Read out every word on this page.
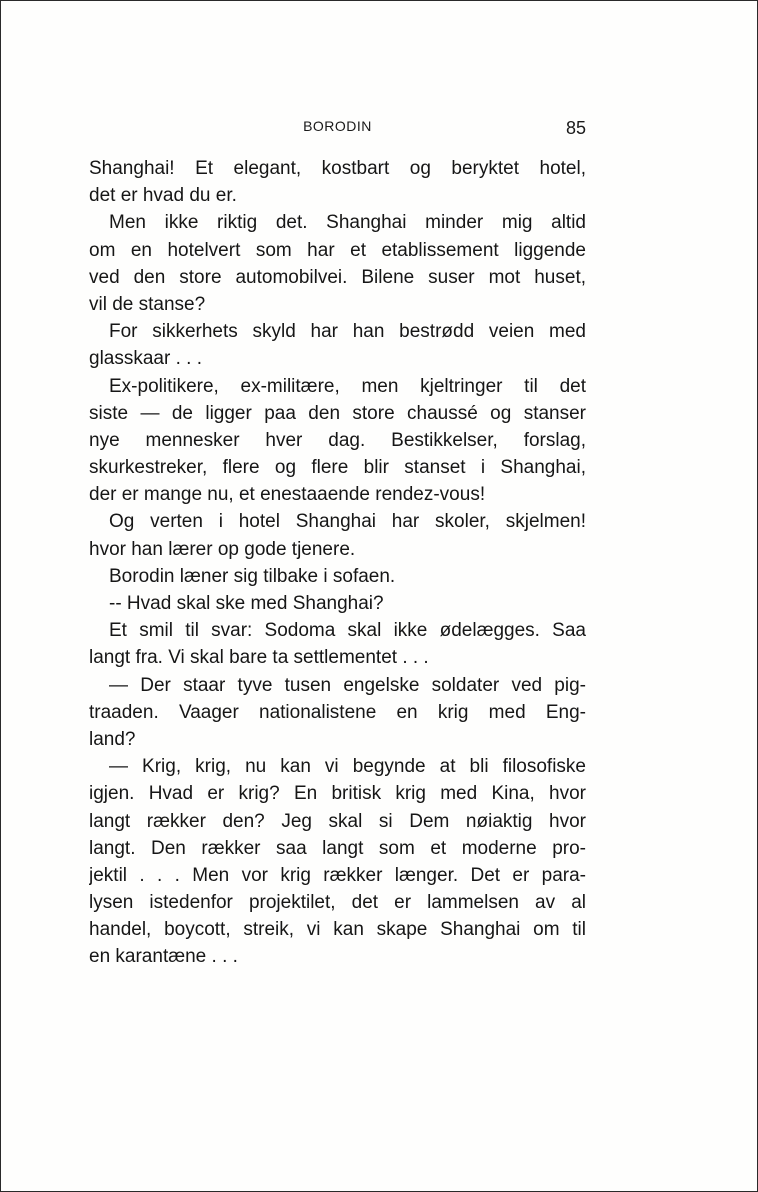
BORODIN	85
Shanghai! Et elegant, kostbart og beryktet hotel,
det er hvad du er.
Men ikke riktig det. Shanghai minder mig altid
om en hotelvert som har et etablissement liggende
ved den store automobilvei. Bilene suser mot huset,
vil de stanse?
For sikkerhets skyld har han bestrødd veien med
glasskaar . . .
Ex-politikere, ex-militære, men kjeltringer til det
siste — de ligger paa den store chaussé og stanser
nye mennesker hver dag. Bestikkelser, forslag,
skurkestreker, flere og flere blir stanset i Shanghai,
der er mange nu, et enestaaende rendez-vous!
Og verten i hotel Shanghai har skoler, skjelmen!
hvor han lærer op gode tjenere.
Borodin læner sig tilbake i sofaen.
-- Hvad skal ske med Shanghai?
Et smil til svar: Sodoma skal ikke ødelægges. Saa
langt fra. Vi skal bare ta settlementet . . .
— Der staar tyve tusen engelske soldater ved pig-
traaden. Vaager nationalistene en krig med Eng-
land?
— Krig, krig, nu kan vi begynde at bli filosofiske
igjen. Hvad er krig? En britisk krig med Kina, hvor
langt rækker den? Jeg skal si Dem nøiaktig hvor
langt. Den rækker saa langt som et moderne pro-
jektil . . . Men vor krig rækker længer. Det er para-
lysen istedenfor projektilet, det er lammelsen av al
handel, boycott, streik, vi kan skape Shanghai om til
en karantæne . . .
